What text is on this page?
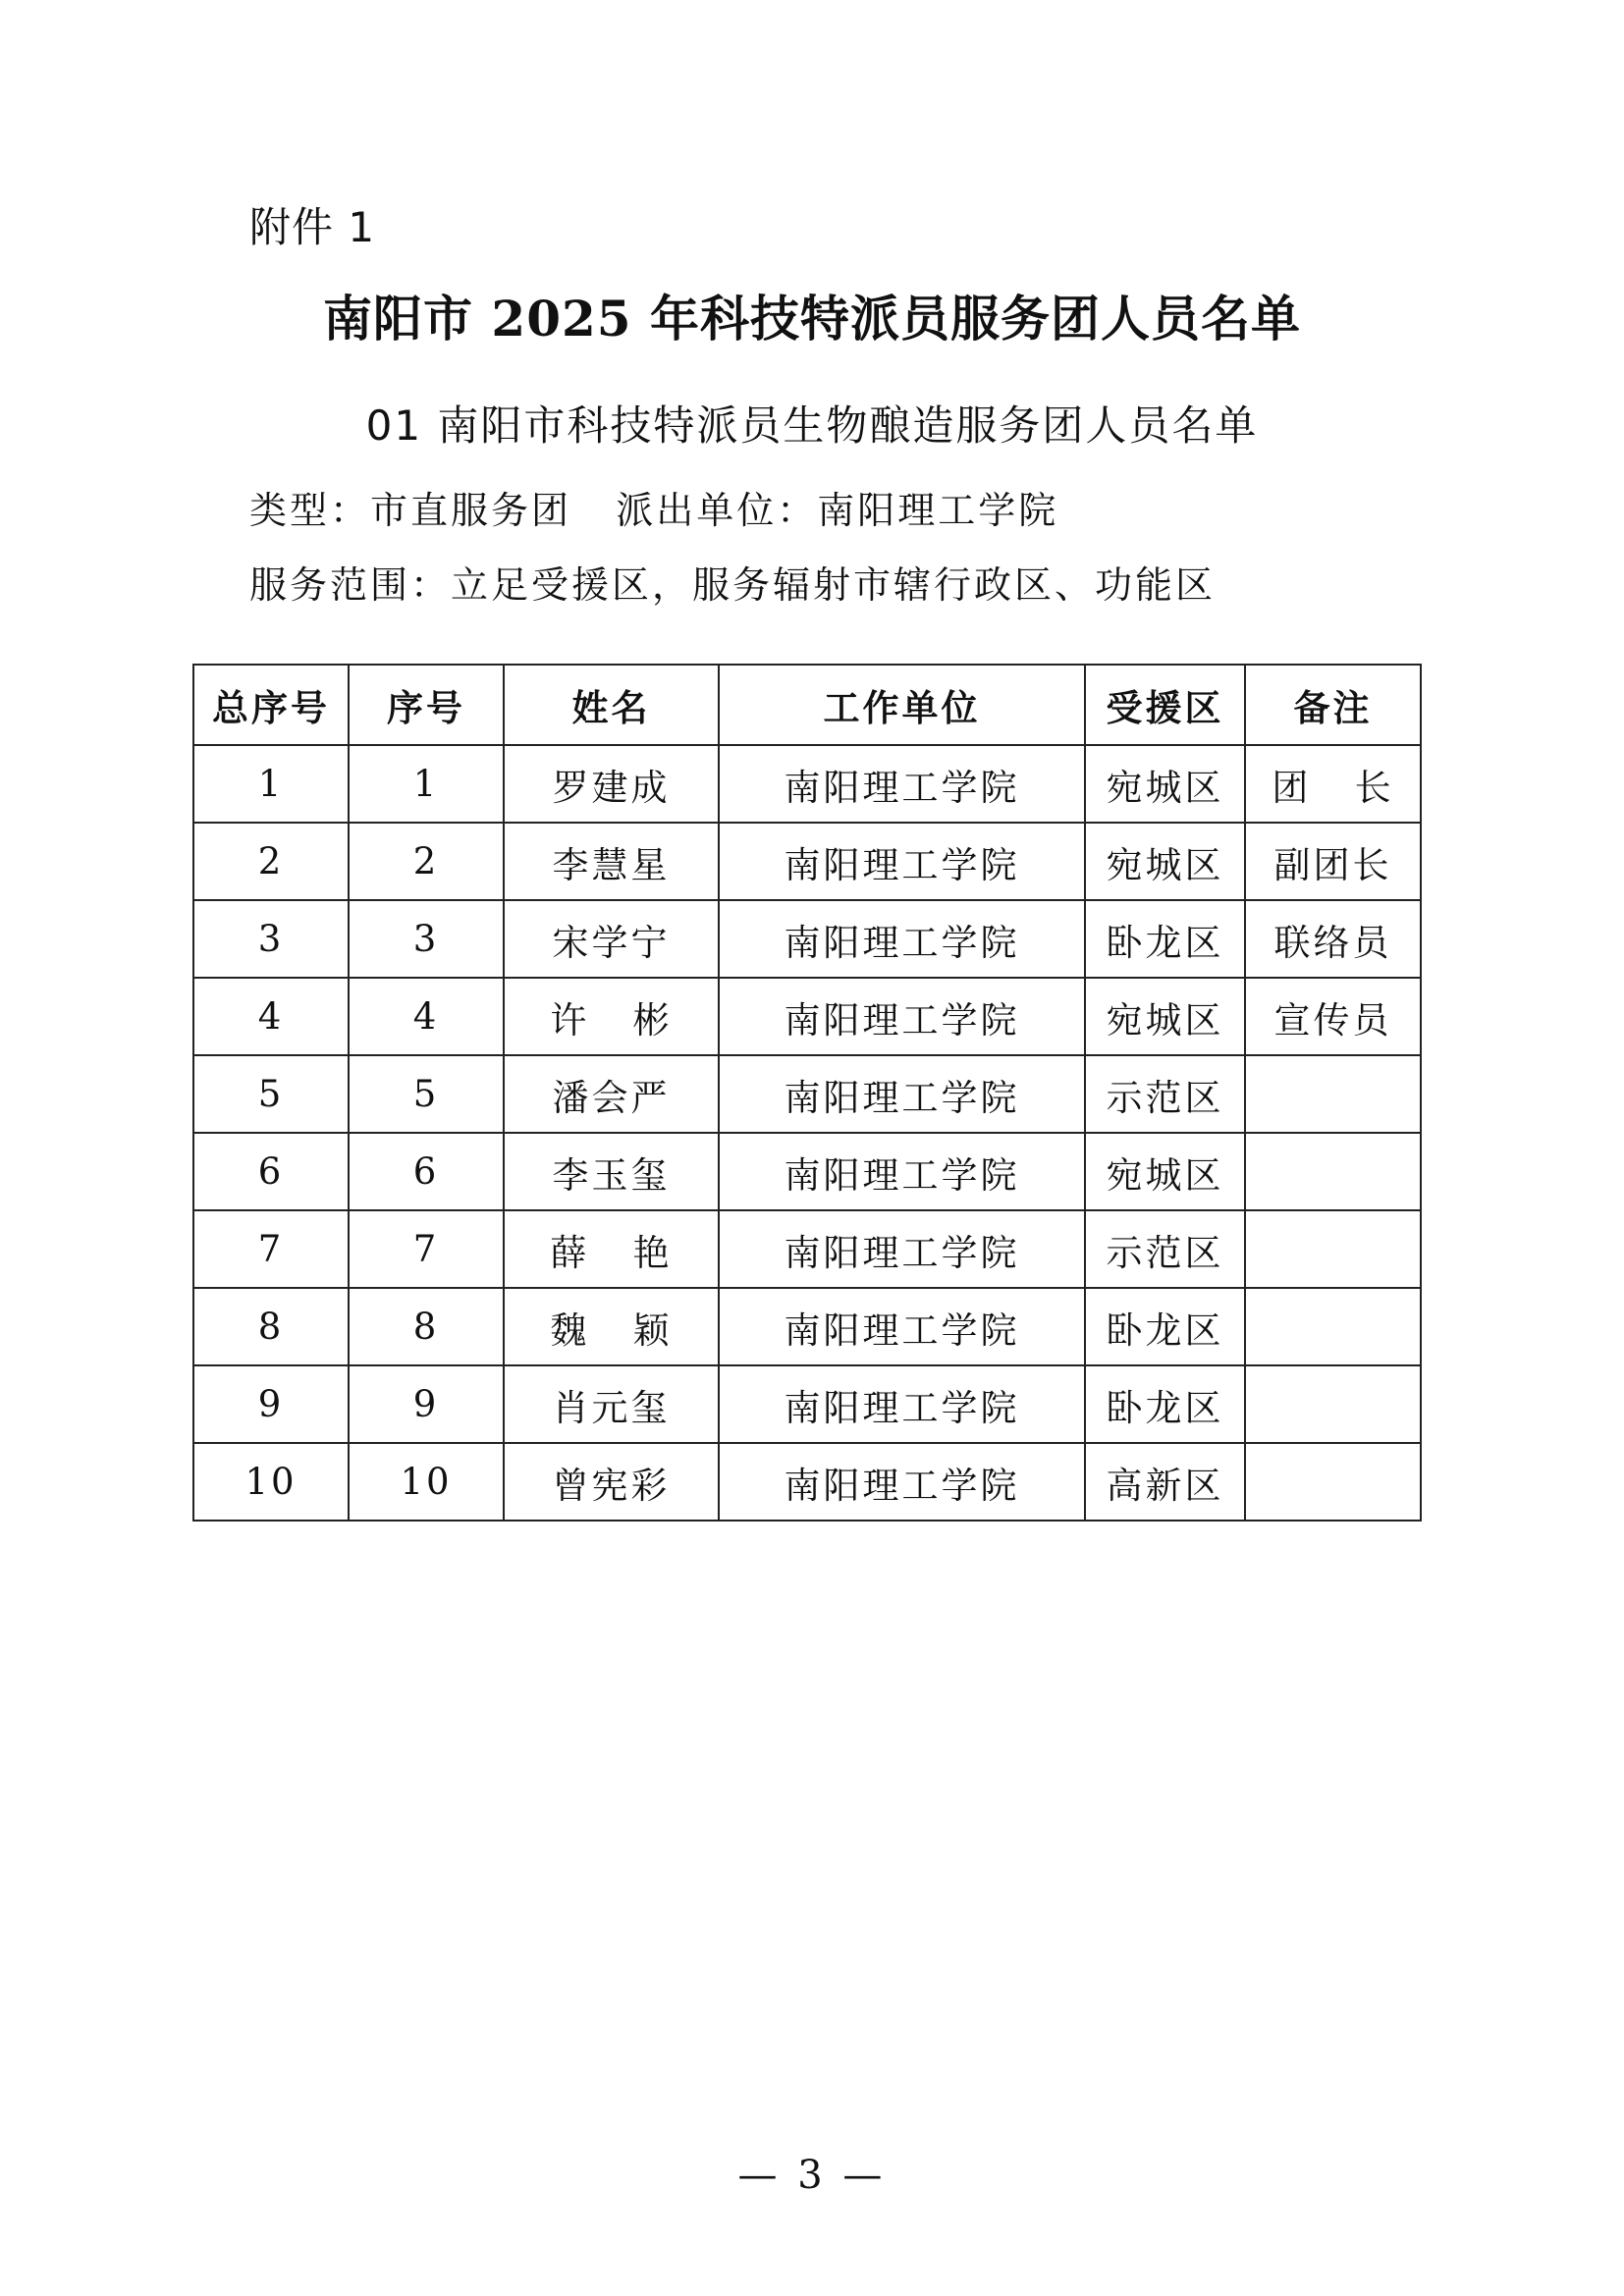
附件 1
南阳市 2025 年科技特派员服务团人员名单
01 南阳市科技特派员生物酿造服务团人员名单
类型：市直服务团   派出单位：南阳理工学院
服务范围：立足受援区，服务辐射市辖行政区、功能区
总序号	序号	姓名	工作单位	受援区	备注
1	1	罗建成	南阳理工学院	宛城区	团   长
2	2	李慧星	南阳理工学院	宛城区	副团长
3	3	宋学宁	南阳理工学院	卧龙区	联络员
4	4	许   彬	南阳理工学院	宛城区	宣传员
5	5	潘会严	南阳理工学院	示范区	
6	6	李玉玺	南阳理工学院	宛城区	
7	7	薛   艳	南阳理工学院	示范区	
8	8	魏   颖	南阳理工学院	卧龙区	
9	9	肖元玺	南阳理工学院	卧龙区	
10	10	曾宪彩	南阳理工学院	高新区	
— 3 —
